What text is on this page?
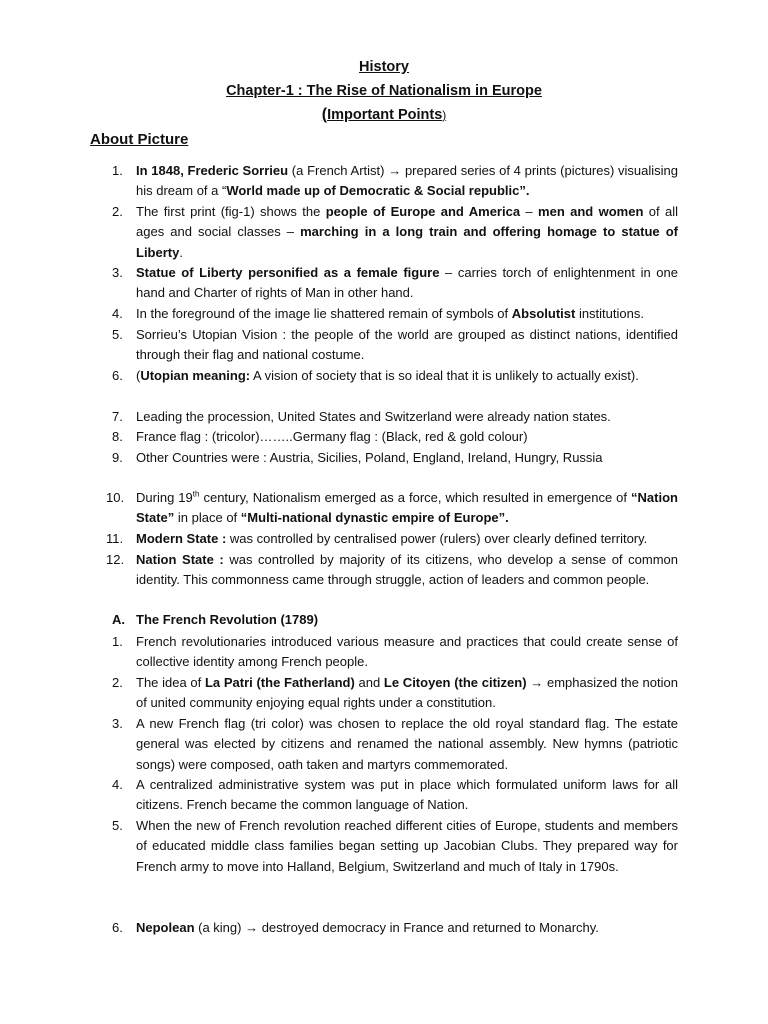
History
Chapter-1 : The Rise of Nationalism in Europe
(Important Points)
About Picture
1.	In 1848, Frederic Sorrieu (a French Artist) → prepared series of 4 prints (pictures) visualising his dream of a “World made up of Democratic & Social republic”.
2.	The first print (fig-1) shows the people of Europe and America – men and women of all ages and social classes – marching in a long train and offering homage to statue of Liberty.
3.	Statue of Liberty personified as a female figure – carries torch of enlightenment in one hand and Charter of rights of Man in other hand.
4.	In the foreground of the image lie shattered remain of symbols of Absolutist institutions.
5.	Sorrieu’s Utopian Vision : the people of the world are grouped as distinct nations, identified through their flag and national costume.
6.	(Utopian meaning: A vision of society that is so ideal that it is unlikely to actually exist).
7.	Leading the procession, United States and Switzerland were already nation states.
8.	France flag : (tricolor)……..Germany flag : (Black, red & gold colour)
9.	Other Countries were : Austria, Sicilies, Poland, England, Ireland, Hungry, Russia
10. During 19th century, Nationalism emerged as a force, which resulted in emergence of “Nation State” in place of “Multi-national dynastic empire of Europe”.
11. Modern State : was controlled by centralised power (rulers) over clearly defined territory.
12. Nation State : was controlled by majority of its citizens, who develop a sense of common identity. This commonness came through struggle, action of leaders and common people.
A. The French Revolution (1789)
1.	French revolutionaries introduced various measure and practices that could create sense of collective identity among French people.
2.	The idea of La Patri (the Fatherland) and Le Citoyen (the citizen) → emphasized the notion of united community enjoying equal rights under a constitution.
3.	A new French flag (tri color) was chosen to replace the old royal standard flag. The estate general was elected by citizens and renamed the national assembly. New hymns (patriotic songs) were composed, oath taken and martyrs commemorated.
4.	A centralized administrative system was put in place which formulated uniform laws for all citizens. French became the common language of Nation.
5.	When the new of French revolution reached different cities of Europe, students and members of educated middle class families began setting up Jacobian Clubs. They prepared way for French army to move into Halland, Belgium, Switzerland and much of Italy in 1790s.
6.	Nepolean (a king) → destroyed democracy in France and returned to Monarchy.
